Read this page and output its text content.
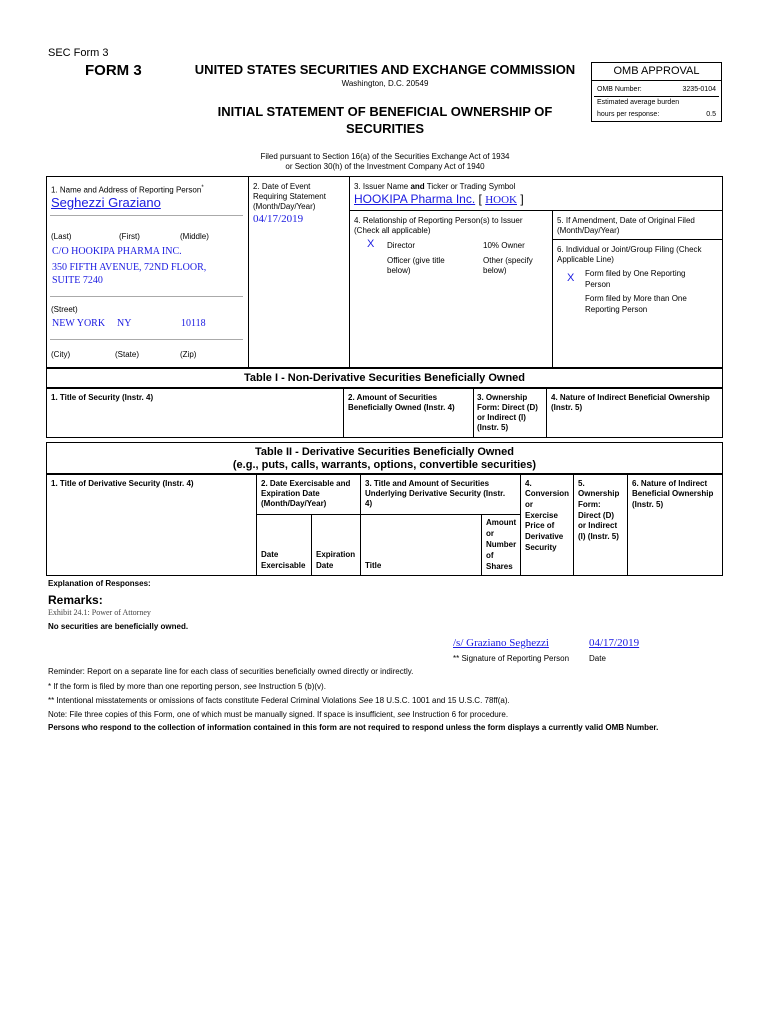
SEC Form 3
FORM 3	UNITED STATES SECURITIES AND EXCHANGE COMMISSION
Washington, D.C. 20549
INITIAL STATEMENT OF BENEFICIAL OWNERSHIP OF
SECURITIES
Filed pursuant to Section 16(a) of the Securities Exchange Act of 1934
or Section 30(h) of the Investment Company Act of 1940
OMB APPROVAL
OMB Number:	3235-0104
Estimated average burden
hours per response:	0.5
1. Name and Address of Reporting Person*
Seghezzi Graziano
(Last)	(First)	(Middle)
C/O HOOKIPA PHARMA INC.
350 FIFTH AVENUE, 72ND FLOOR,
SUITE 7240
(Street)
NEW YORK NY	10118
(City)	(State)	(Zip)
2. Date of Event
Requiring Statement
(Month/Day/Year)
04/17/2019
3. Issuer Name and Ticker or Trading Symbol
HOOKIPA Pharma Inc. [ HOOK ]
4. Relationship of Reporting Person(s) to Issuer
(Check all applicable)
X Director	10% Owner
Officer (give title
below)
Other (specify
below)
5. If Amendment, Date of Original Filed
(Month/Day/Year)
6. Individual or Joint/Group Filing (Check
Applicable Line)
X Form filed by One Reporting
Person
Form filed by More than One
Reporting Person
Table I - Non-Derivative Securities Beneficially Owned
1. Title of Security (Instr. 4)	2. Amount of Securities
Beneficially Owned (Instr. 4)
3. Ownership
Form: Direct (D)
or Indirect (I)
(Instr. 5)
4. Nature of Indirect Beneficial Ownership
(Instr. 5)
Table II - Derivative Securities Beneficially Owned
(e.g., puts, calls, warrants, options, convertible securities)
1. Title of Derivative Security (Instr. 4)	2. Date Exercisable and
Expiration Date
(Month/Day/Year)
Date
Exercisable
Expiration
Date
3. Title and Amount of Securities
Underlying Derivative Security (Instr.
4)
Title
Amount
or
Number
of
Shares
4.
Conversion
or
Exercise
Price of
Derivative
Security
5.
Ownership
Form:
Direct (D)
or Indirect
(I) (Instr. 5)
6. Nature of Indirect
Beneficial Ownership
(Instr. 5)
Explanation of Responses:
Remarks:
Exhibit 24.1: Power of Attorney
No securities are beneficially owned.
/s/ Graziano Seghezzi	04/17/2019
** Signature of Reporting Person Date
Reminder: Report on a separate line for each class of securities beneficially owned directly or indirectly.
* If the form is filed by more than one reporting person, see Instruction 5 (b)(v).
** Intentional misstatements or omissions of facts constitute Federal Criminal Violations See 18 U.S.C. 1001 and 15 U.S.C. 78ff(a).
Note: File three copies of this Form, one of which must be manually signed. If space is insufficient, see Instruction 6 for procedure.
Persons who respond to the collection of information contained in this form are not required to respond unless the form displays a currently valid OMB Number.
